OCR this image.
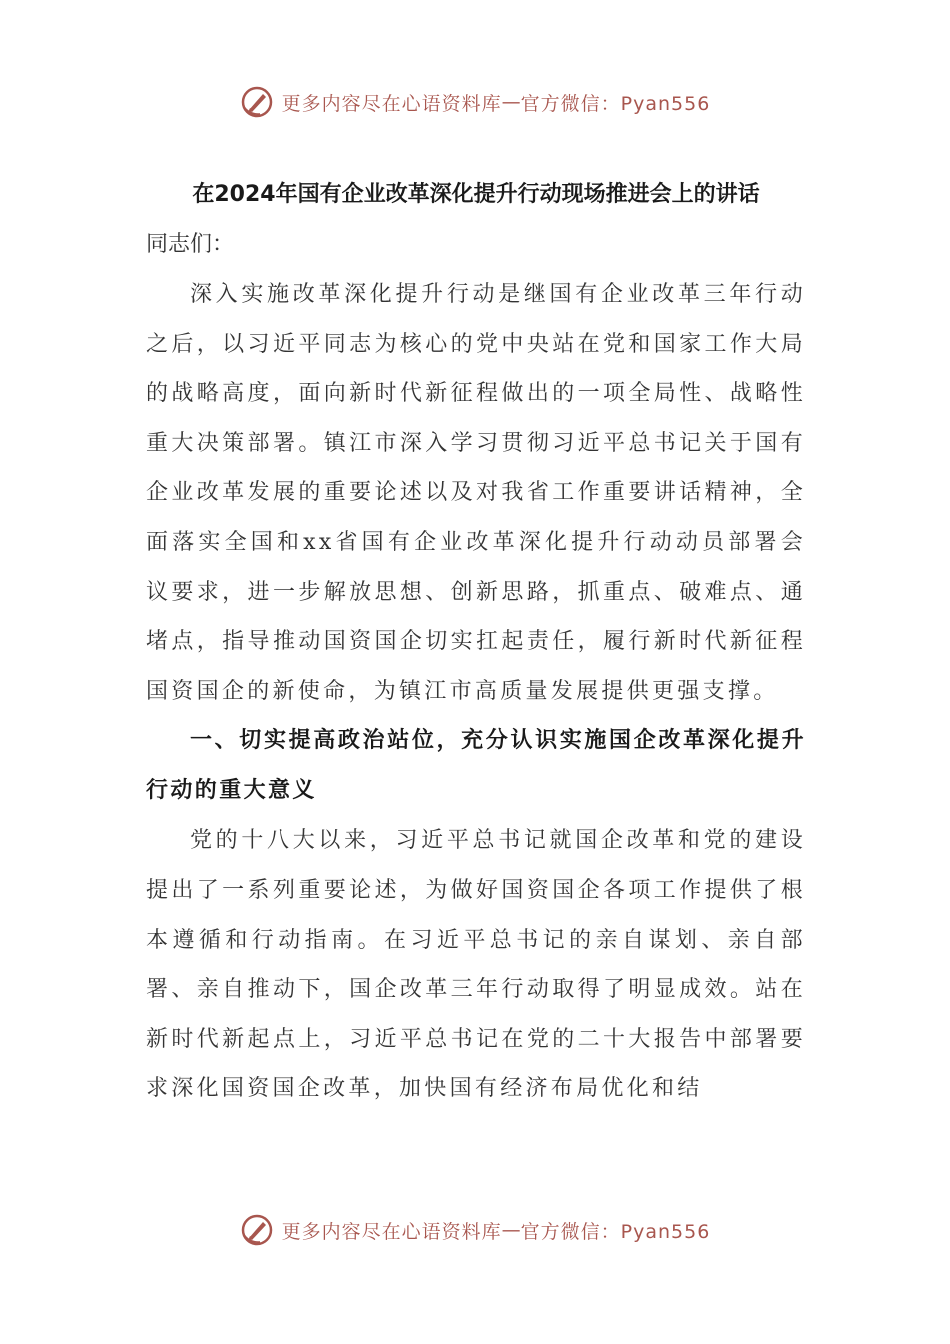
更多内容尽在心语资料库 — 官方微信：Pyan556
在2024年国有企业改革深化提升行动现场推进会上的讲话

同志们：

深入实施改革深化提升行动是继国有企业改革三年行动之后，以习近平同志为核心的党中央站在党和国家工作大局的战略高度，面向新时代新征程做出的一项全局性、战略性重大决策部署。镇江市深入学习贯彻习近平总书记关于国有企业改革发展的重要论述以及对我省工作重要讲话精神，全面落实全国和xx省国有企业改革深化提升行动动员部署会议要求，进一步解放思想、创新思路，抓重点、破难点、通堵点，指导推动国资国企切实扛起责任，履行新时代新征程国资国企的新使命，为镇江市高质量发展提供更强支撑。

一、切实提高政治站位，充分认识实施国企改革深化提升行动的重大意义

党的十八大以来，习近平总书记就国企改革和党的建设提出了一系列重要论述，为做好国资国企各项工作提供了根本遵循和行动指南。在习近平总书记的亲自谋划、亲自部署、亲自推动下，国企改革三年行动取得了明显成效。站在新时代新起点上，习近平总书记在党的二十大报告中部署要求深化国资国企改革，加快国有经济布局优化和结

更多内容尽在心语资料库 — 官方微信：Pyan556
